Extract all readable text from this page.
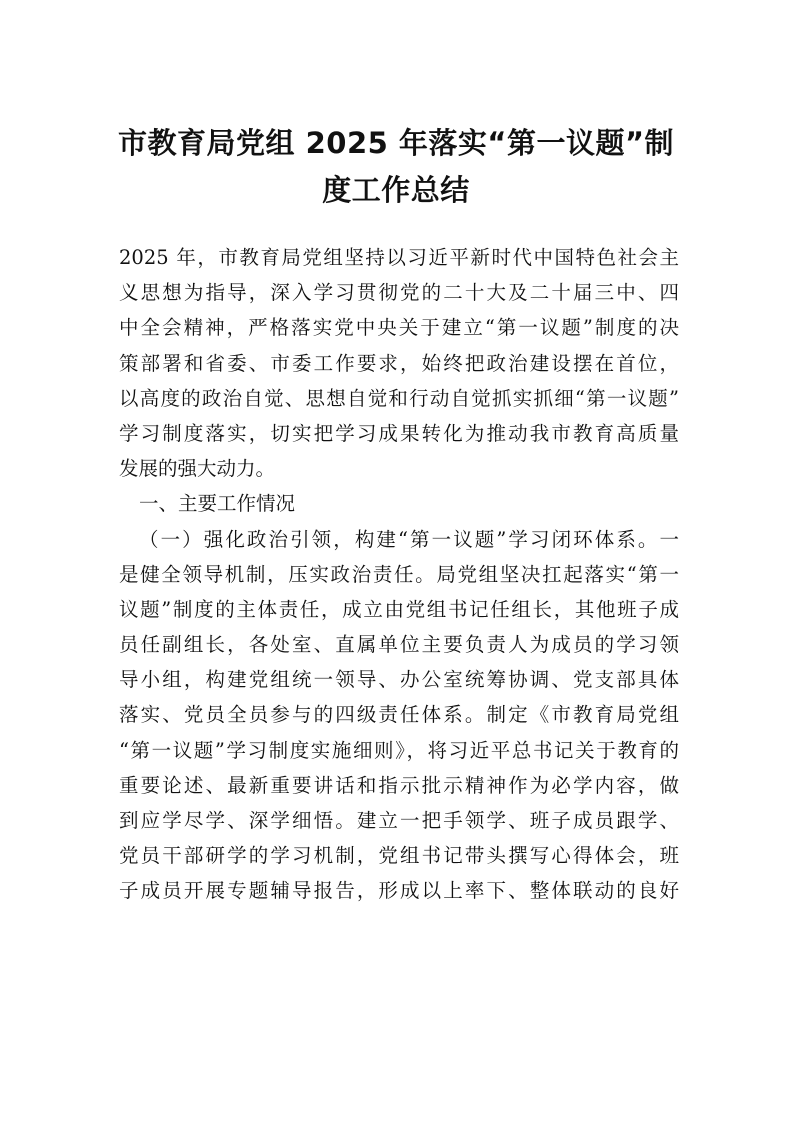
市教育局党组 2025 年落实“第一议题”制
度工作总结
2025 年，市教育局党组坚持以习近平新时代中国特色社会主
义思想为指导，深入学习贯彻党的二十大及二十届三中、四
中全会精神，严格落实党中央关于建立“第一议题”制度的决
策部署和省委、市委工作要求，始终把政治建设摆在首位，
以高度的政治自觉、思想自觉和行动自觉抓实抓细“第一议题”
学习制度落实，切实把学习成果转化为推动我市教育高质量
发展的强大动力。
一、主要工作情况
（一）强化政治引领，构建“第一议题”学习闭环体系。一
是健全领导机制，压实政治责任。局党组坚决扛起落实“第一
议题”制度的主体责任，成立由党组书记任组长，其他班子成
员任副组长，各处室、直属单位主要负责人为成员的学习领
导小组，构建党组统一领导、办公室统筹协调、党支部具体
落实、党员全员参与的四级责任体系。制定《市教育局党组
“第一议题”学习制度实施细则》，将习近平总书记关于教育的
重要论述、最新重要讲话和指示批示精神作为必学内容，做
到应学尽学、深学细悟。建立一把手领学、班子成员跟学、
党员干部研学的学习机制，党组书记带头撰写心得体会，班
子成员开展专题辅导报告，形成以上率下、整体联动的良好
